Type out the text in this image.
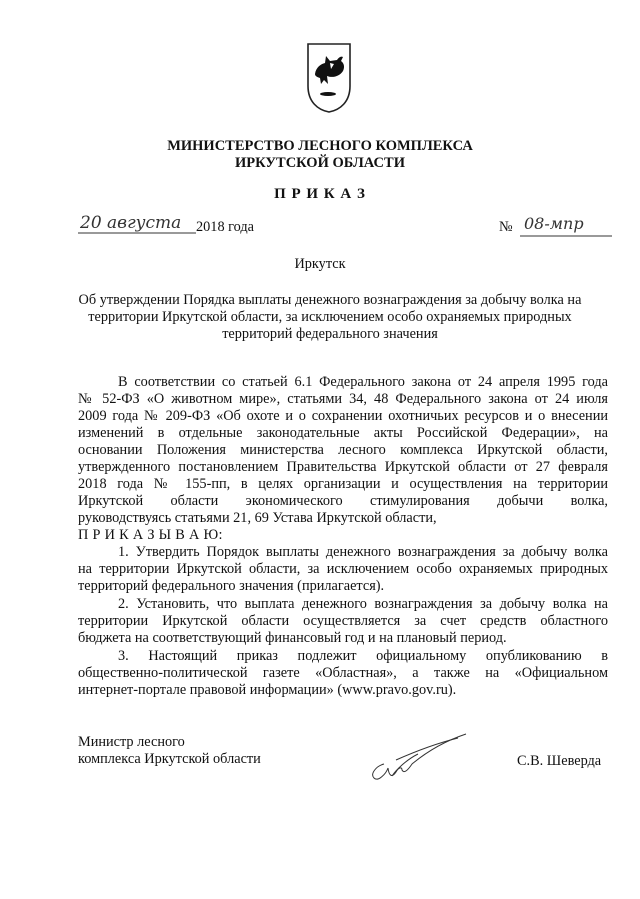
МИНИСТЕРСТВО ЛЕСНОГО КОМПЛЕКСА
ИРКУТСКОЙ ОБЛАСТИ
П Р И К А З
20 августа 2018 года	№ 08-мпр
Иркутск
Об утверждении Порядка выплаты денежного вознаграждения за добычу волка на
территории Иркутской области, за исключением особо охраняемых природных
территорий федерального значения
В соответствии со статьей 6.1 Федерального закона от 24 апреля 1995 года
№ 52-ФЗ «О животном мире», статьями 34, 48 Федерального закона от 24 июля
2009 года № 209-ФЗ «Об охоте и о сохранении охотничьих ресурсов и о внесении
изменений в отдельные законодательные акты Российской Федерации», на
основании Положения министерства лесного комплекса Иркутской области,
утвержденного постановлением Правительства Иркутской области от 27 февраля
2018 года № 155-пп, в целях организации и осуществления на территории
Иркутской области экономического стимулирования добычи волка,
руководствуясь статьями 21, 69 Устава Иркутской области,
П Р И К А З Ы В А Ю:
1. Утвердить Порядок выплаты денежного вознаграждения за добычу волка
на территории Иркутской области, за исключением особо охраняемых природных
территорий федерального значения (прилагается).
2. Установить, что выплата денежного вознаграждения за добычу волка на
территории Иркутской области осуществляется за счет средств областного
бюджета на соответствующий финансовый год и на плановый период.
3. Настоящий приказ подлежит официальному опубликованию в
общественно-политической газете «Областная», а также на «Официальном
интернет-портале правовой информации» (www.pravo.gov.ru).
Министр лесного
комплекса Иркутской области	С.В. Шеверда
